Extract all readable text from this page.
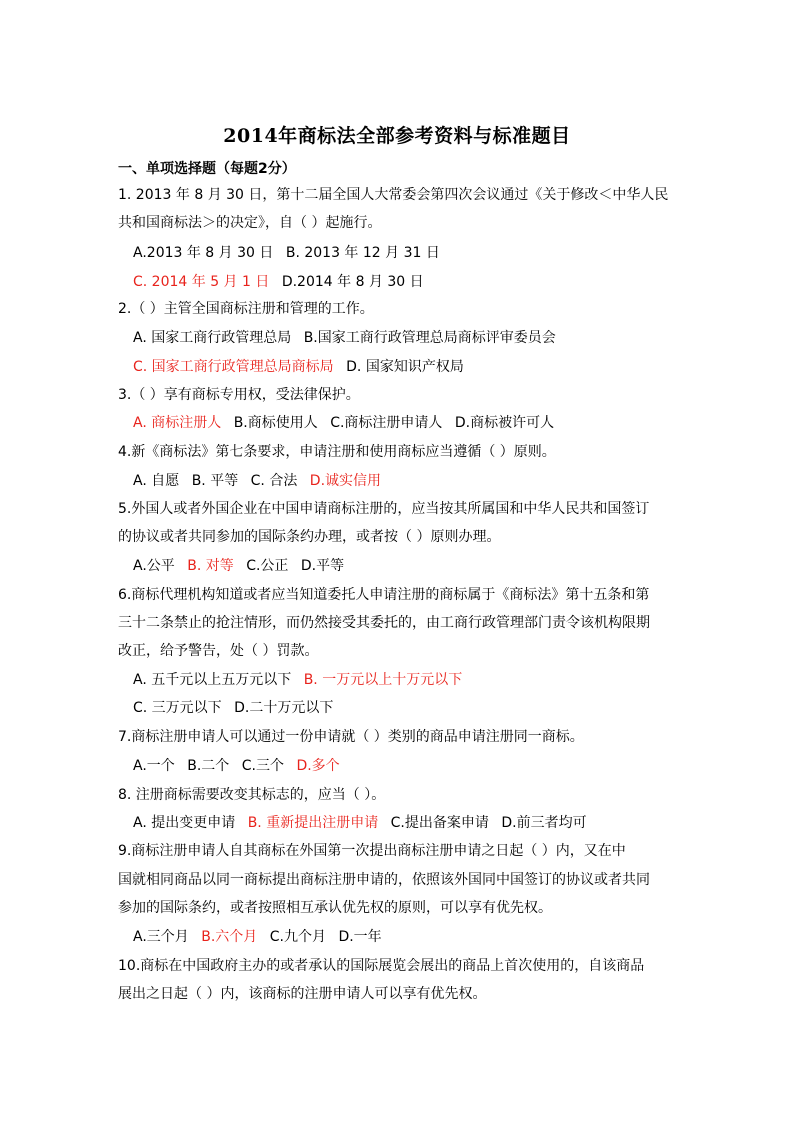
2014年商标法全部参考资料与标准题目
一、单项选择题（每题2分）
1. 2013 年 8 月 30 日，第十二届全国人大常委会第四次会议通过《关于修改＜中华人民
共和国商标法＞的决定》，自（ ）起施行。
A.2013 年 8 月 30 日 B. 2013 年 12 月 31 日
C. 2014 年 5 月 1 日 D.2014 年 8 月 30 日
2.（ ）主管全国商标注册和管理的工作。
A. 国家工商行政管理总局 B.国家工商行政管理总局商标评审委员会
C. 国家工商行政管理总局商标局 D. 国家知识产权局
3.（ ）享有商标专用权，受法律保护。
A. 商标注册人 B.商标使用人 C.商标注册申请人 D.商标被许可人
4.新《商标法》第七条要求，申请注册和使用商标应当遵循（ ）原则。
A. 自愿 B. 平等 C. 合法 D.诚实信用
5.外国人或者外国企业在中国申请商标注册的，应当按其所属国和中华人民共和国签订
的协议或者共同参加的国际条约办理，或者按（ ）原则办理。
A.公平 B. 对等 C.公正 D.平等
6.商标代理机构知道或者应当知道委托人申请注册的商标属于《商标法》第十五条和第
三十二条禁止的抢注情形，而仍然接受其委托的，由工商行政管理部门责令该机构限期
改正，给予警告，处（ ）罚款。
A. 五千元以上五万元以下 B. 一万元以上十万元以下
C. 三万元以下 D.二十万元以下
7.商标注册申请人可以通过一份申请就（ ）类别的商品申请注册同一商标。
A.一个 B.二个 C.三个 D.多个
8. 注册商标需要改变其标志的，应当（ ）。
A. 提出变更申请 B. 重新提出注册申请 C.提出备案申请 D.前三者均可
9.商标注册申请人自其商标在外国第一次提出商标注册申请之日起（ ）内，又在中
国就相同商品以同一商标提出商标注册申请的，依照该外国同中国签订的协议或者共同
参加的国际条约，或者按照相互承认优先权的原则，可以享有优先权。
A.三个月 B.六个月 C.九个月 D.一年
10.商标在中国政府主办的或者承认的国际展览会展出的商品上首次使用的，自该商品
展出之日起（ ）内，该商标的注册申请人可以享有优先权。
